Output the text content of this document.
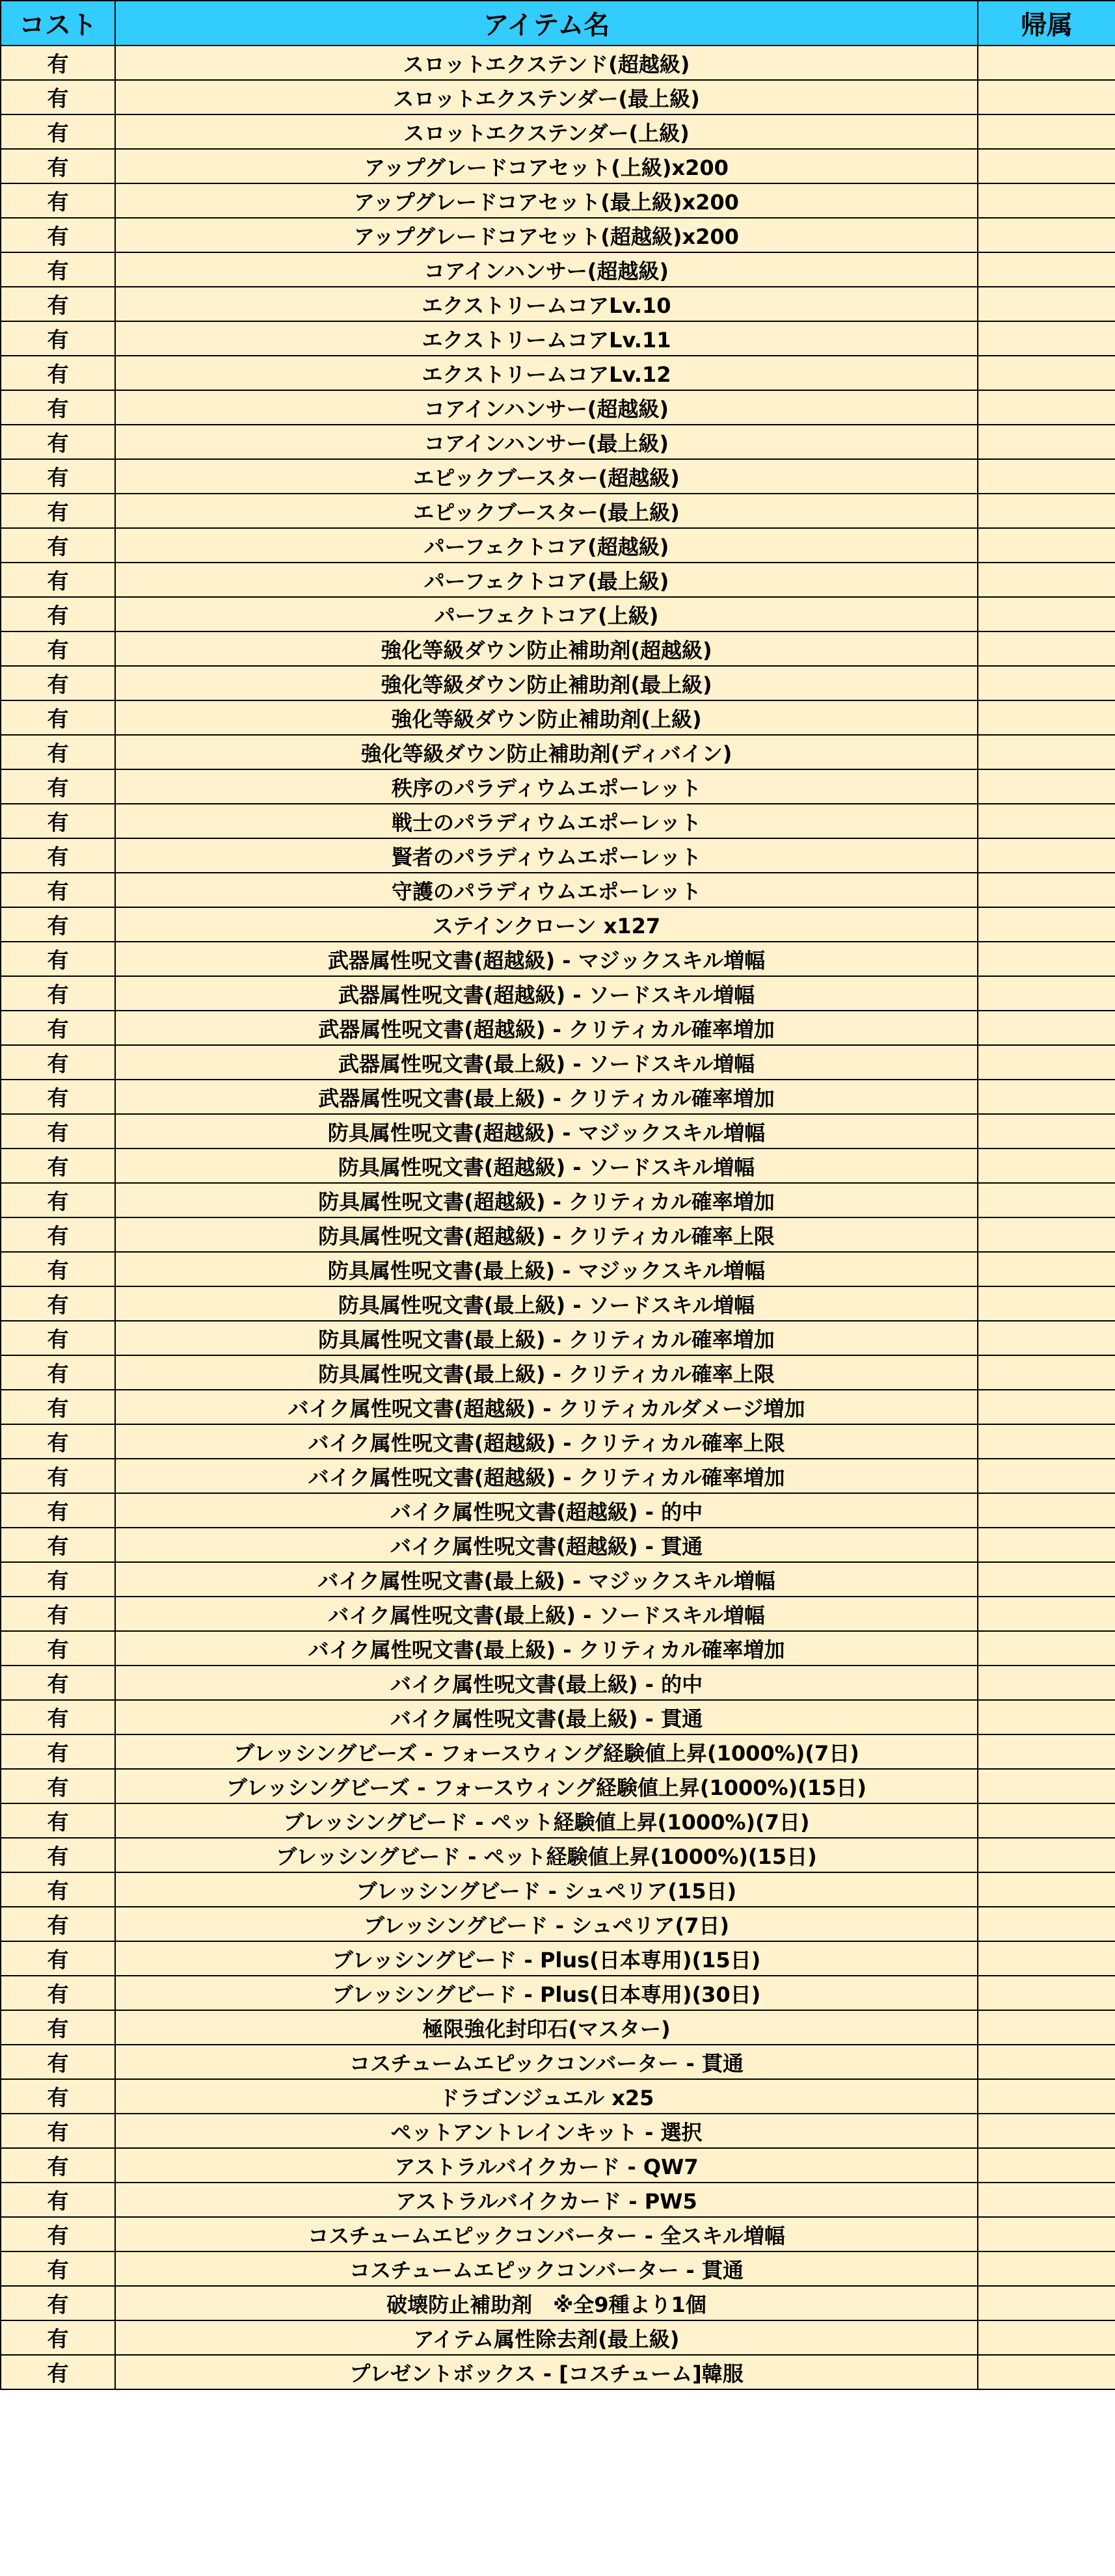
コスト	アイテム名	帰属
有	スロットエクステンド(超越級)	
有	スロットエクステンダー(最上級)	
有	スロットエクステンダー(上級)	
有	アップグレードコアセット(上級)x200	
有	アップグレードコアセット(最上級)x200	
有	アップグレードコアセット(超越級)x200	
有	コアインハンサー(超越級)	
有	エクストリームコアLv.10	
有	エクストリームコアLv.11	
有	エクストリームコアLv.12	
有	コアインハンサー(超越級)	
有	コアインハンサー(最上級)	
有	エピックブースター(超越級)	
有	エピックブースター(最上級)	
有	パーフェクトコア(超越級)	
有	パーフェクトコア(最上級)	
有	パーフェクトコア(上級)	
有	強化等級ダウン防止補助剤(超越級)	
有	強化等級ダウン防止補助剤(最上級)	
有	強化等級ダウン防止補助剤(上級)	
有	強化等級ダウン防止補助剤(ディバイン)	
有	秩序のパラディウムエポーレット	
有	戦士のパラディウムエポーレット	
有	賢者のパラディウムエポーレット	
有	守護のパラディウムエポーレット	
有	ステインクローン x127	
有	武器属性呪文書(超越級) - マジックスキル増幅	
有	武器属性呪文書(超越級) - ソードスキル増幅	
有	武器属性呪文書(超越級) - クリティカル確率増加	
有	武器属性呪文書(最上級) - ソードスキル増幅	
有	武器属性呪文書(最上級) - クリティカル確率増加	
有	防具属性呪文書(超越級) - マジックスキル増幅	
有	防具属性呪文書(超越級) - ソードスキル増幅	
有	防具属性呪文書(超越級) - クリティカル確率増加	
有	防具属性呪文書(超越級) - クリティカル確率上限	
有	防具属性呪文書(最上級) - マジックスキル増幅	
有	防具属性呪文書(最上級) - ソードスキル増幅	
有	防具属性呪文書(最上級) - クリティカル確率増加	
有	防具属性呪文書(最上級) - クリティカル確率上限	
有	バイク属性呪文書(超越級) - クリティカルダメージ増加	
有	バイク属性呪文書(超越級) - クリティカル確率上限	
有	バイク属性呪文書(超越級) - クリティカル確率増加	
有	バイク属性呪文書(超越級) - 的中	
有	バイク属性呪文書(超越級) - 貫通	
有	バイク属性呪文書(最上級) - マジックスキル増幅	
有	バイク属性呪文書(最上級) - ソードスキル増幅	
有	バイク属性呪文書(最上級) - クリティカル確率増加	
有	バイク属性呪文書(最上級) - 的中	
有	バイク属性呪文書(最上級) - 貫通	
有	ブレッシングビーズ - フォースウィング経験値上昇(1000%)(7日)	
有	ブレッシングビーズ - フォースウィング経験値上昇(1000%)(15日)	
有	ブレッシングビード - ペット経験値上昇(1000%)(7日)	
有	ブレッシングビード - ペット経験値上昇(1000%)(15日)	
有	ブレッシングビード - シュペリア(15日)	
有	ブレッシングビード - シュペリア(7日)	
有	ブレッシングビード - Plus(日本専用)(15日)	
有	ブレッシングビード - Plus(日本専用)(30日)	
有	極限強化封印石(マスター)	
有	コスチュームエピックコンバーター - 貫通	
有	ドラゴンジュエル x25	
有	ペットアントレインキット - 選択	
有	アストラルバイクカード - QW7	
有	アストラルバイクカード - PW5	
有	コスチュームエピックコンバーター - 全スキル増幅	
有	コスチュームエピックコンバーター - 貫通	
有	破壊防止補助剤　※全9種より1個	
有	アイテム属性除去剤(最上級)	
有	プレゼントボックス - [コスチューム]韓服	
